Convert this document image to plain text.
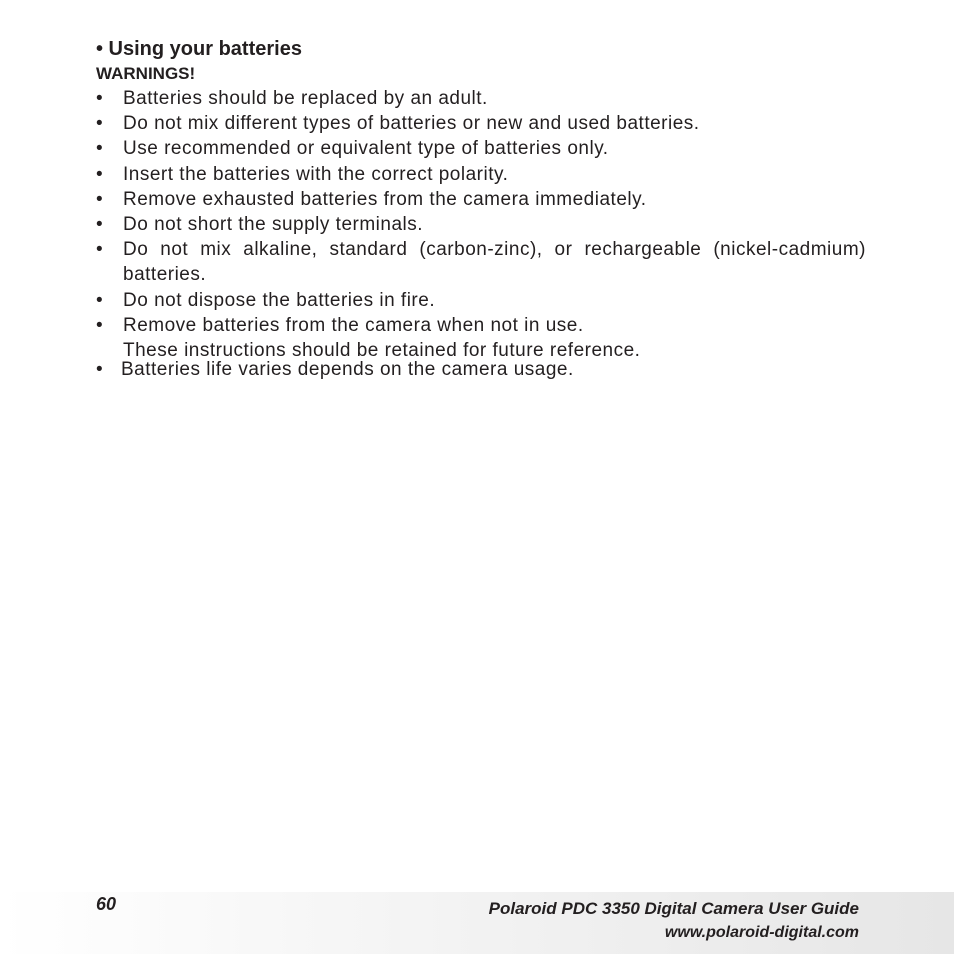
• Using your batteries
WARNINGS!
• Batteries should be replaced by an adult.
• Do not mix different types of batteries or new and used batteries.
• Use recommended or equivalent type of batteries only.
• Insert the batteries with the correct polarity.
• Remove exhausted batteries from the camera immediately.
• Do not short the supply terminals.
• Do not mix alkaline, standard (carbon-zinc), or rechargeable (nickel-cadmium) batteries.
• Do not dispose the batteries in fire.
• Remove batteries from the camera when not in use.
These instructions should be retained for future reference.
• Batteries life varies depends on the camera usage.
60	Polaroid PDC 3350 Digital Camera User Guide
www.polaroid-digital.com
